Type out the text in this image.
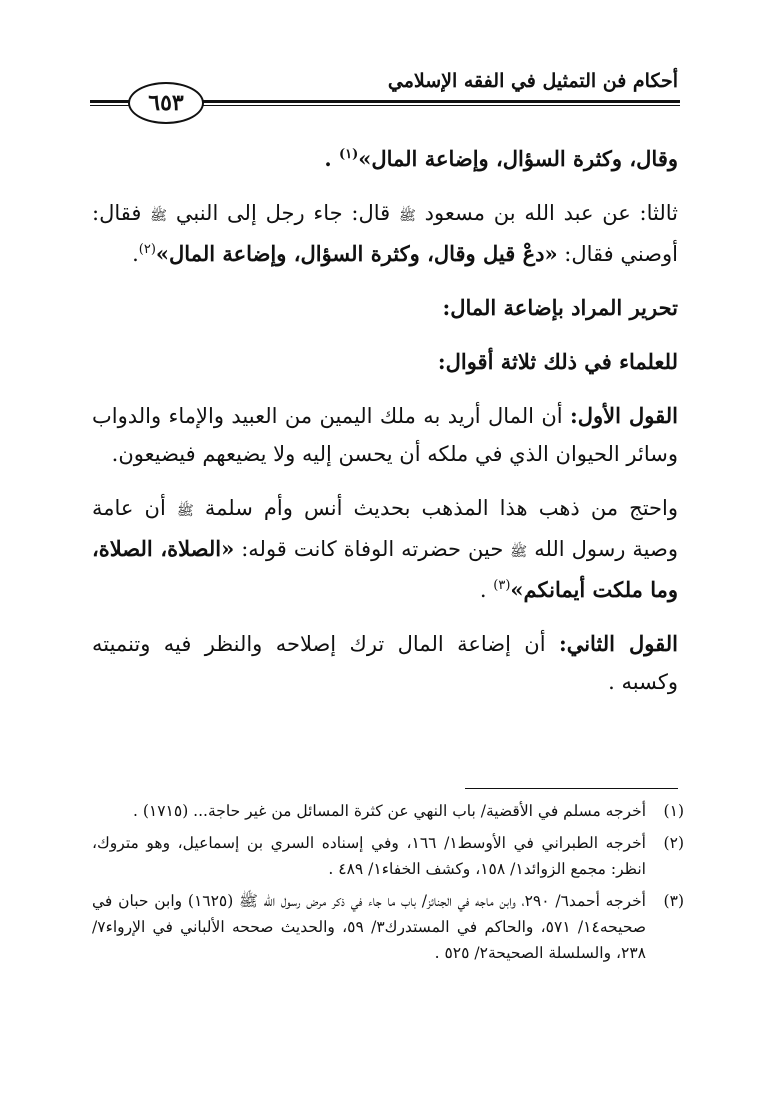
أحكام فن التمثيل في الفقه الإسلامي
٦٥٣

وقال، وكثرة السؤال، وإضاعة المال»$^{(١)}$ .

ثالثا: عن عبد الله بن مسعود ﷺ قال: جاء رجل إلى النبي ﷺ فقال: أوصني فقال: «دعْ قيل وقال، وكثرة السؤال، وإضاعة المال»$^{(٢)}$.

تحرير المراد بإضاعة المال:

للعلماء في ذلك ثلاثة أقوال:

القول الأول: أن المال أريد به ملك اليمين من العبيد والإماء والدواب وسائر الحيوان الذي في ملكه أن يحسن إليه ولا يضيعهم فيضيعون.

واحتج من ذهب هذا المذهب بحديث أنس وأم سلمة ﷺ أن عامة وصية رسول الله ﷺ حين حضرته الوفاة كانت قوله: «الصلاة، الصلاة، وما ملكت أيمانكم»$^{(٣)}$ .

القول الثاني: أن إضاعة المال ترك إصلاحه والنظر فيه وتنميته وكسبه .

(١)
أخرجه مسلم في الأقضية/ باب النهي عن كثرة المسائل من غير حاجة... (١٧١٥) .
(٢)
أخرجه الطبراني في الأوسط١/ ١٦٦، وفي إسناده السري بن إسماعيل، وهو متروك، انظر: مجمع الزوائد١/ ١٥٨، وكشف الخفاء١/ ٤٨٩ .
(٣)
أخرجه أحمد٦/ ٢٩٠، وابن ماجه في الجنائز/ باب ما جاء في ذكر مرض رسول الله ﷺ (١٦٢٥) وابن حبان في صحيحه١٤/ ٥٧١، والحاكم في المستدرك٣/ ٥٩، والحديث صححه الألباني في الإرواء٧/ ٢٣٨، والسلسلة الصحيحة٢/ ٥٢٥ .
